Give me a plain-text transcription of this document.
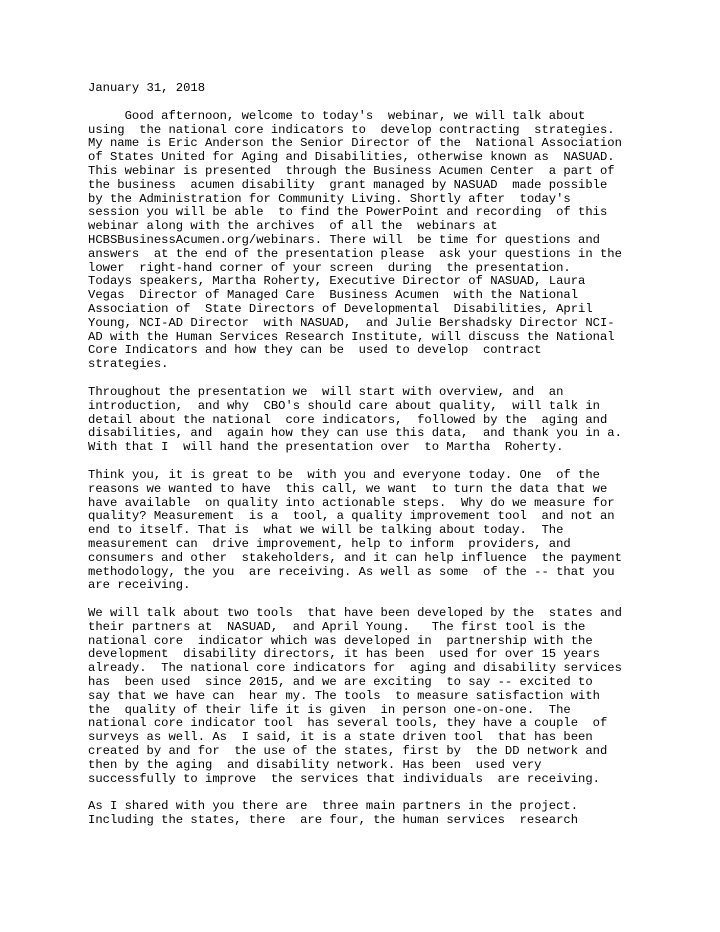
January 31, 2018
Good afternoon, welcome to today's  webinar, we will talk about
using  the national core indicators to  develop contracting  strategies.
My name is Eric Anderson the Senior Director of the  National Association
of States United for Aging and Disabilities, otherwise known as  NASUAD.
This webinar is presented  through the Business Acumen Center  a part of
the business  acumen disability  grant managed by NASUAD  made possible
by the Administration for Community Living. Shortly after  today's
session you will be able  to find the PowerPoint and recording  of this
webinar along with the archives  of all the  webinars at
HCBSBusinessAcumen.org/webinars. There will  be time for questions and
answers  at the end of the presentation please  ask your questions in the
lower  right-hand corner of your screen  during  the presentation.
Todays speakers, Martha Roherty, Executive Director of NASUAD, Laura
Vegas  Director of Managed Care  Business Acumen  with the National
Association of  State Directors of Developmental  Disabilities, April
Young, NCI-AD Director  with NASUAD,  and Julie Bershadsky Director NCI-
AD with the Human Services Research Institute, will discuss the National
Core Indicators and how they can be  used to develop  contract
strategies.
Throughout the presentation we  will start with overview, and  an
introduction,  and why  CBO's should care about quality,  will talk in
detail about the national  core indicators,  followed by the  aging and
disabilities, and  again how they can use this data,  and thank you in a.
With that I  will hand the presentation over  to Martha  Roherty.
Think you, it is great to be  with you and everyone today. One  of the
reasons we wanted to have  this call, we want  to turn the data that we
have available  on quality into actionable steps.  Why do we measure for
quality? Measurement  is a  tool, a quality improvement tool  and not an
end to itself. That is  what we will be talking about today.  The
measurement can  drive improvement, help to inform  providers, and
consumers and other  stakeholders, and it can help influence  the payment
methodology, the you  are receiving. As well as some  of the -- that you
are receiving.
We will talk about two tools  that have been developed by the  states and
their partners at  NASUAD,  and April Young.   The first tool is the
national core  indicator which was developed in  partnership with the
development  disability directors, it has been  used for over 15 years
already.  The national core indicators for  aging and disability services
has  been used  since 2015, and we are exciting  to say -- excited to
say that we have can  hear my. The tools  to measure satisfaction with
the  quality of their life it is given  in person one-on-one.  The
national core indicator tool  has several tools, they have a couple  of
surveys as well. As  I said, it is a state driven tool  that has been
created by and for  the use of the states, first by  the DD network and
then by the aging  and disability network. Has been  used very
successfully to improve  the services that individuals  are receiving.
As I shared with you there are  three main partners in the project.
Including the states, there  are four, the human services  research
